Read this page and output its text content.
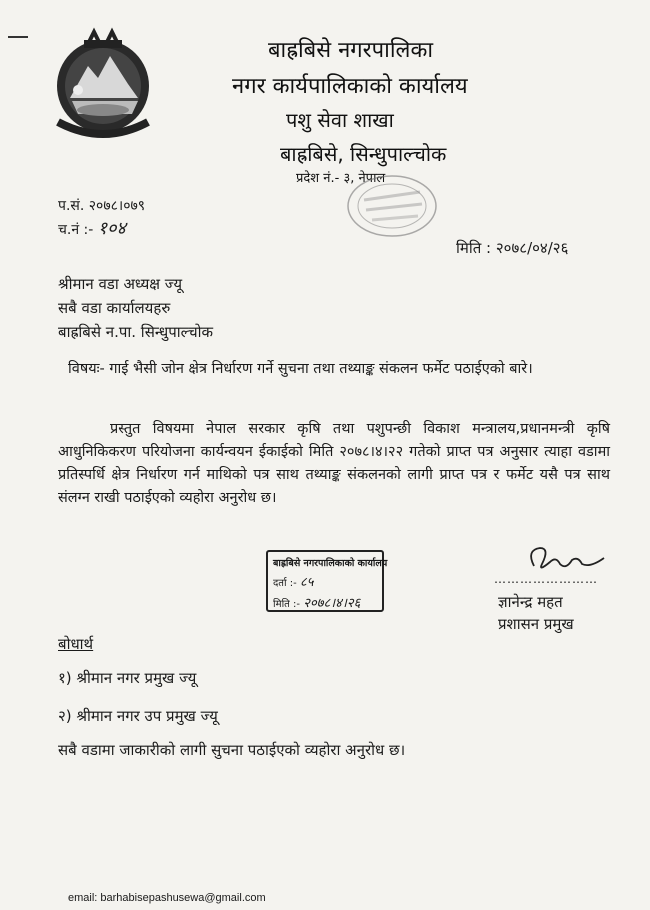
बाह्रबिसे नगरपालिका
नगर कार्यपालिकाको कार्यालय
पशु सेवा शाखा
बाह्रबिसे, सिन्धुपाल्चोक
प्रदेश नं.- ३, नेपाल
प.सं. २०७८।०७९
च.नं :- १०४
मिति : २०७८/०४/२६
श्रीमान वडा अध्यक्ष ज्यू
सबै वडा कार्यालयहरु
बाह्रबिसे न.पा. सिन्धुपाल्चोक
विषयः- गाई भैसी जोन क्षेत्र निर्धारण गर्ने सुचना तथा तथ्याङ्क संकलन फर्मेट पठाईएको बारे।
प्रस्तुत विषयमा नेपाल सरकार कृषि तथा पशुपन्छी विकाश मन्त्रालय,प्रधानमन्त्री कृषि आधुनिकिकरण परियोजना कार्यन्वयन ईकाईको मिति २०७८।४।२२ गतेको प्राप्त पत्र अनुसार त्याहा वडामा प्रतिस्पर्धि क्षेत्र निर्धारण गर्न माथिको पत्र साथ तथ्याङ्क संकलनको लागी प्राप्त पत्र र फर्मेट यसै पत्र साथ संलग्न राखी पठाईएको व्यहोरा अनुरोध छ।
बाह्रबिसे नगरपालिकाको कार्यालय
दर्ता :- ८५
मिति :- २०७८।४।२६
……………………
ज्ञानेन्द्र महत
प्रशासन प्रमुख
बोधार्थ
१) श्रीमान नगर प्रमुख ज्यू
२) श्रीमान नगर उप प्रमुख ज्यू
सबै वडामा जाकारीको लागी सुचना पठाईएको व्यहोरा अनुरोध छ।
email: barhabisepashusewa@gmail.com
